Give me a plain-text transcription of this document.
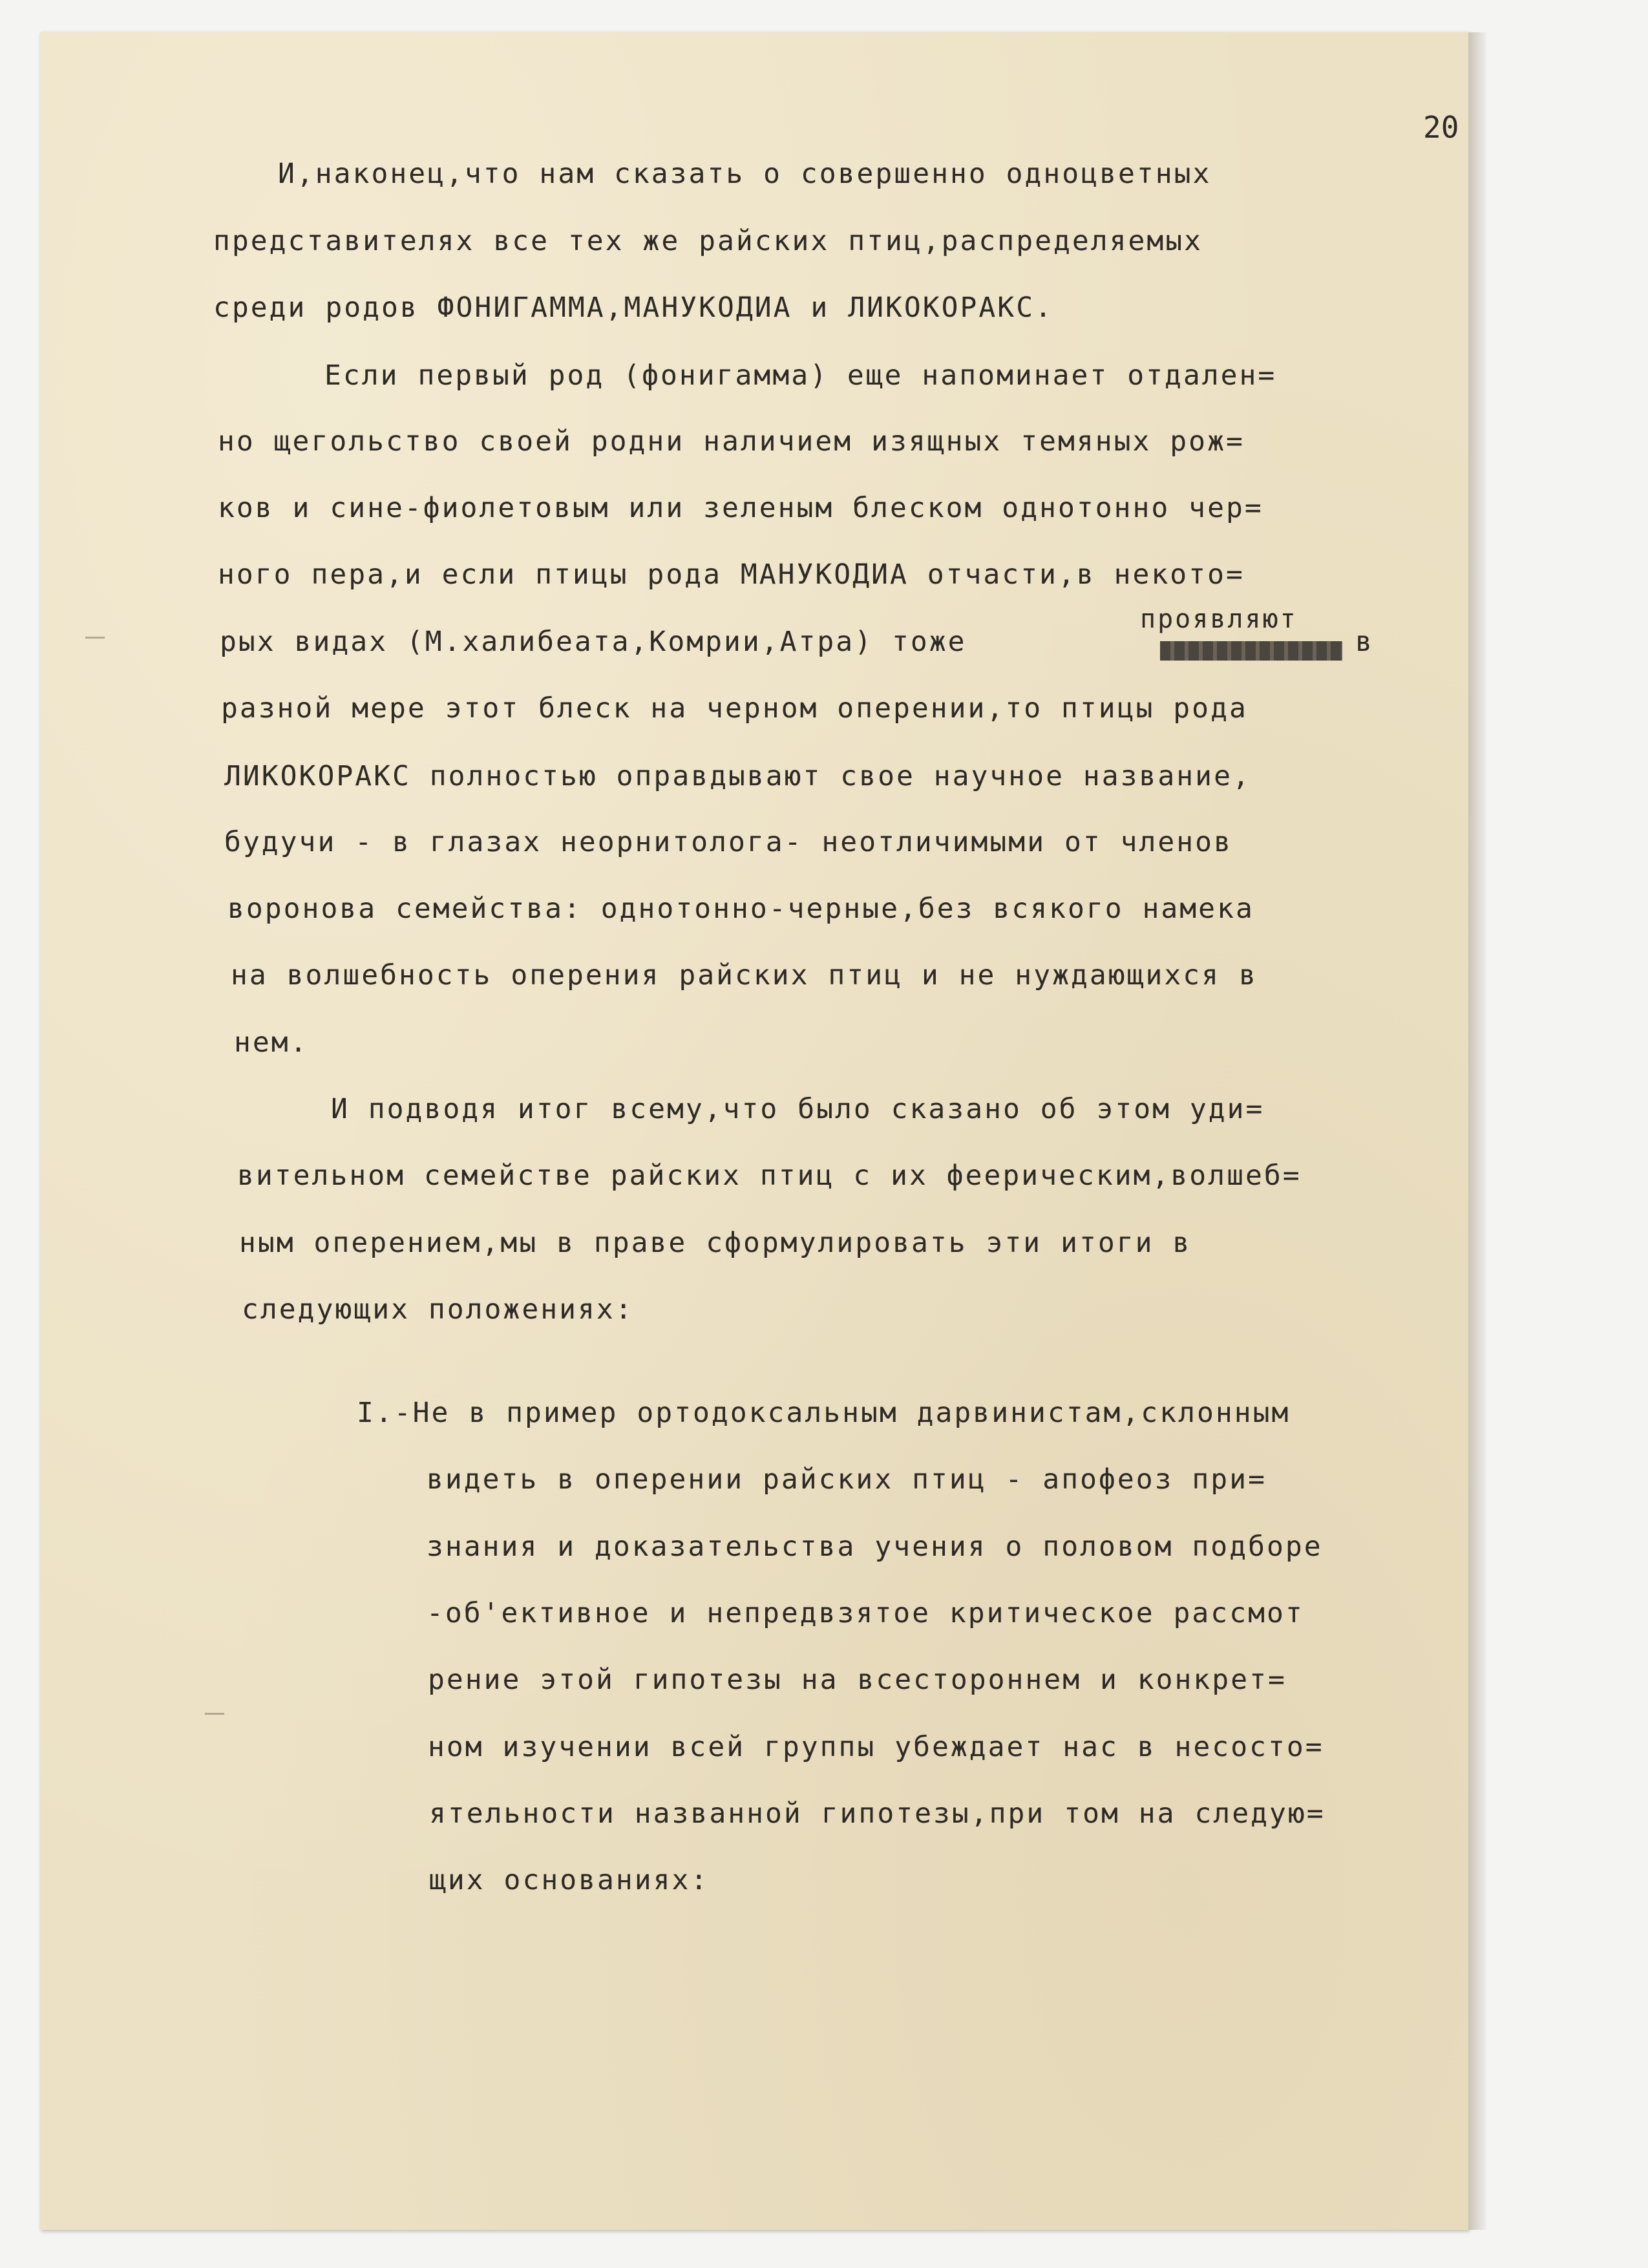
20
И,наконец,что нам сказать о совершенно одноцветных
представителях все тех же райских птиц,распределяемых
среди родов ФОНИГАММА,МАНУКОДИА и ЛИКОКОРАКС.
Если первый род (фонигамма) еще напоминает отдален=
но щегольство своей родни наличием изящных темяных рож=
ков и сине-фиолетовым или зеленым блеском однотонно чер=
ного пера,и если птицы рода МАНУКОДИА отчасти,в некото=
проявляют
рых видах (М.халибеата,Комрии,Атра) тоже	в
разной мере этот блеск на черном оперении,то птицы рода
ЛИКОКОРАКС полностью оправдывают свое научное название,
будучи - в глазах неорнитолога- неотличимыми от членов
воронова семейства: однотонно-черные,без всякого намека
на волшебность оперения райских птиц и не нуждающихся в
нем.
И подводя итог всему,что было сказано об этом уди=
вительном семействе райских птиц с их феерическим,волшеб=
ным оперением,мы в праве сформулировать эти итоги в
следующих положениях:
I.-Не в пример ортодоксальным дарвинистам,склонным
видеть в оперении райских птиц - апофеоз при=
знания и доказательства учения о половом подборе
-об'ективное и непредвзятое критическое рассмот
рение этой гипотезы на всестороннем и конкрет=
ном изучении всей группы убеждает нас в несосто=
ятельности названной гипотезы,при том на следую=
щих основаниях:
